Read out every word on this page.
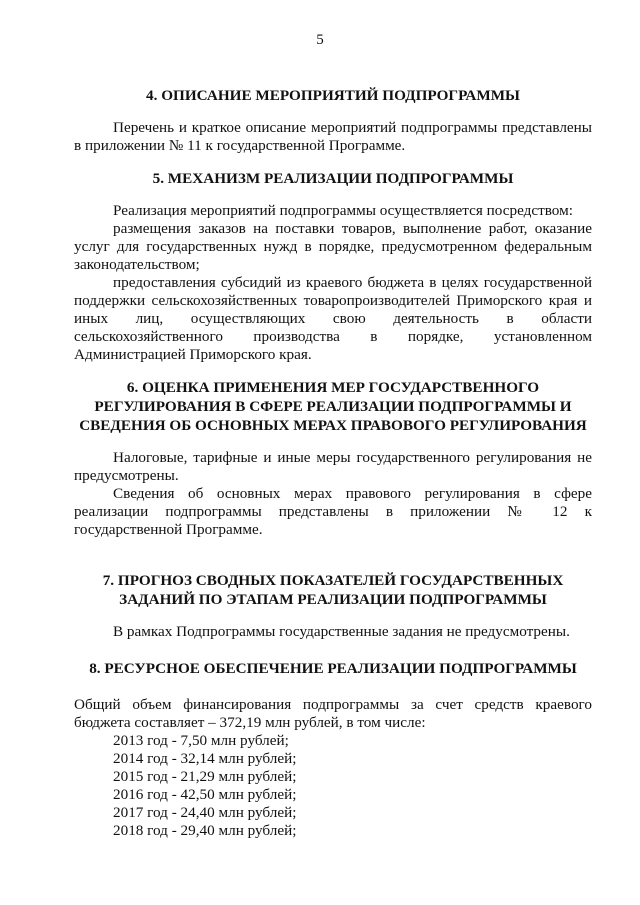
5
4. ОПИСАНИЕ МЕРОПРИЯТИЙ ПОДПРОГРАММЫ

Перечень и краткое описание мероприятий подпрограммы представлены в приложении № 11 к государственной Программе.

5. МЕХАНИЗМ РЕАЛИЗАЦИИ ПОДПРОГРАММЫ

Реализация мероприятий подпрограммы осуществляется посредством:

размещения заказов на поставки товаров, выполнение работ, оказание услуг для государственных нужд в порядке, предусмотренном федеральным законодательством;

предоставления субсидий из краевого бюджета в целях государственной поддержки сельскохозяйственных товаропроизводителей Приморского края и иных лиц, осуществляющих свою деятельность в области сельскохозяйственного производства в порядке, установленном Администрацией Приморского края.

6. ОЦЕНКА ПРИМЕНЕНИЯ МЕР ГОСУДАРСТВЕННОГО
РЕГУЛИРОВАНИЯ В СФЕРЕ РЕАЛИЗАЦИИ ПОДПРОГРАММЫ И
СВЕДЕНИЯ ОБ ОСНОВНЫХ МЕРАХ ПРАВОВОГО РЕГУЛИРОВАНИЯ

Налоговые, тарифные и иные меры государственного регулирования не предусмотрены.

Сведения об основных мерах правового регулирования в сфере реализации подпрограммы представлены в приложении № 12 к государственной Программе.

7. ПРОГНОЗ СВОДНЫХ ПОКАЗАТЕЛЕЙ ГОСУДАРСТВЕННЫХ
ЗАДАНИЙ ПО ЭТАПАМ РЕАЛИЗАЦИИ ПОДПРОГРАММЫ

В рамках Подпрограммы государственные задания не предусмотрены.

8. РЕСУРСНОЕ ОБЕСПЕЧЕНИЕ РЕАЛИЗАЦИИ ПОДПРОГРАММЫ

Общий объем финансирования подпрограммы за счет средств краевого бюджета составляет – 372,19 млн рублей, в том числе:

2013 год - 7,50 млн рублей;
2014 год - 32,14 млн рублей;
2015 год - 21,29 млн рублей;
2016 год - 42,50 млн рублей;
2017 год - 24,40 млн рублей;
2018 год - 29,40 млн рублей;
